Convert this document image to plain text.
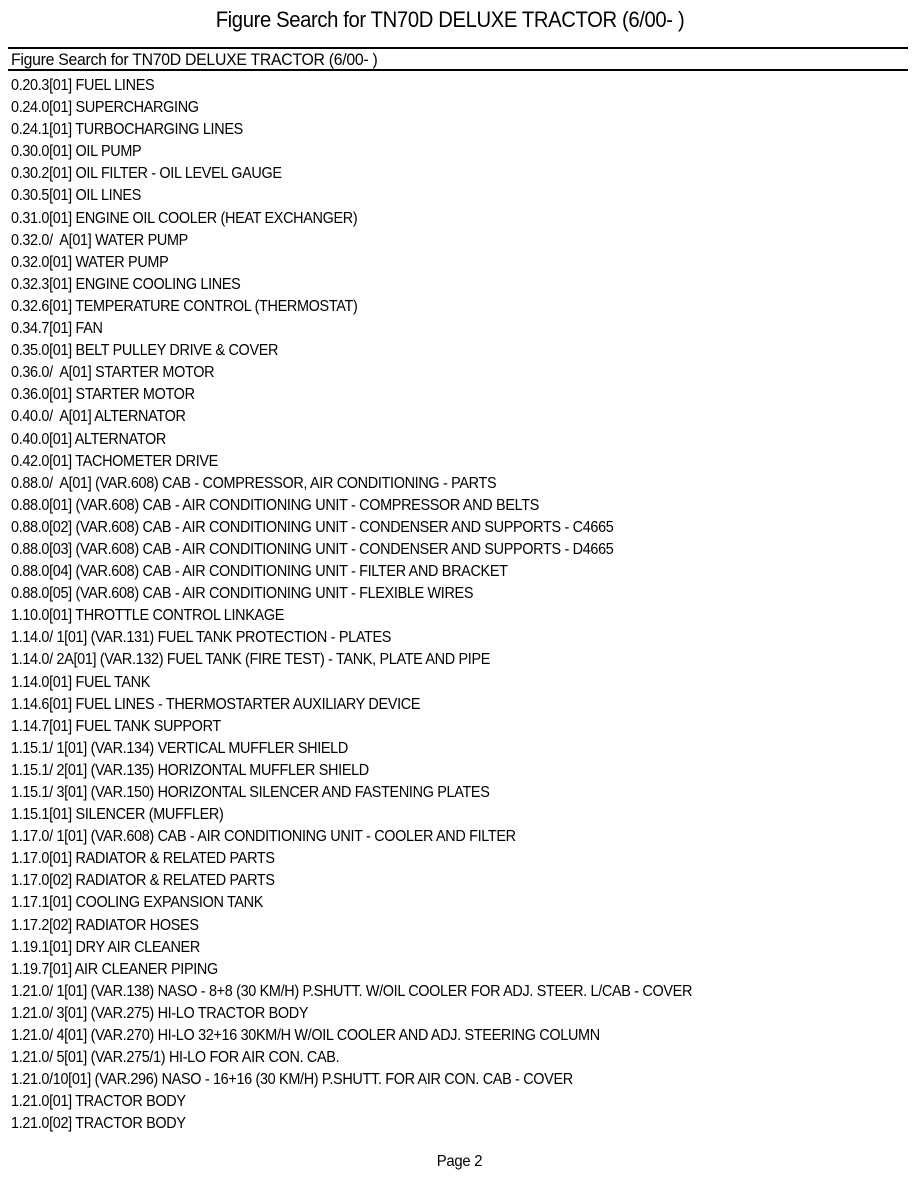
Figure Search for TN70D DELUXE TRACTOR (6/00- )
Figure Search for TN70D DELUXE TRACTOR (6/00- )
0.20.3[01] FUEL LINES
0.24.0[01] SUPERCHARGING
0.24.1[01] TURBOCHARGING LINES
0.30.0[01] OIL PUMP
0.30.2[01] OIL FILTER - OIL LEVEL GAUGE
0.30.5[01] OIL LINES
0.31.0[01] ENGINE OIL COOLER (HEAT EXCHANGER)
0.32.0/  A[01] WATER PUMP
0.32.0[01] WATER PUMP
0.32.3[01] ENGINE COOLING LINES
0.32.6[01] TEMPERATURE CONTROL (THERMOSTAT)
0.34.7[01] FAN
0.35.0[01] BELT PULLEY DRIVE & COVER
0.36.0/  A[01] STARTER MOTOR
0.36.0[01] STARTER MOTOR
0.40.0/  A[01] ALTERNATOR
0.40.0[01] ALTERNATOR
0.42.0[01] TACHOMETER DRIVE
0.88.0/  A[01] (VAR.608) CAB - COMPRESSOR, AIR CONDITIONING - PARTS
0.88.0[01] (VAR.608) CAB - AIR CONDITIONING UNIT - COMPRESSOR AND BELTS
0.88.0[02] (VAR.608) CAB - AIR CONDITIONING UNIT - CONDENSER AND SUPPORTS - C4665
0.88.0[03] (VAR.608) CAB - AIR CONDITIONING UNIT - CONDENSER AND SUPPORTS - D4665
0.88.0[04] (VAR.608) CAB - AIR CONDITIONING UNIT - FILTER AND BRACKET
0.88.0[05] (VAR.608) CAB - AIR CONDITIONING UNIT - FLEXIBLE WIRES
1.10.0[01] THROTTLE CONTROL LINKAGE
1.14.0/ 1[01] (VAR.131) FUEL TANK PROTECTION - PLATES
1.14.0/ 2A[01] (VAR.132) FUEL TANK (FIRE TEST) - TANK, PLATE AND PIPE
1.14.0[01] FUEL TANK
1.14.6[01] FUEL LINES - THERMOSTARTER AUXILIARY DEVICE
1.14.7[01] FUEL TANK SUPPORT
1.15.1/ 1[01] (VAR.134) VERTICAL MUFFLER SHIELD
1.15.1/ 2[01] (VAR.135) HORIZONTAL MUFFLER SHIELD
1.15.1/ 3[01] (VAR.150) HORIZONTAL SILENCER AND FASTENING PLATES
1.15.1[01] SILENCER (MUFFLER)
1.17.0/ 1[01] (VAR.608) CAB - AIR CONDITIONING UNIT - COOLER AND FILTER
1.17.0[01] RADIATOR & RELATED PARTS
1.17.0[02] RADIATOR & RELATED PARTS
1.17.1[01] COOLING EXPANSION TANK
1.17.2[02] RADIATOR HOSES
1.19.1[01] DRY AIR CLEANER
1.19.7[01] AIR CLEANER PIPING
1.21.0/ 1[01] (VAR.138) NASO - 8+8 (30 KM/H) P.SHUTT. W/OIL COOLER FOR ADJ. STEER. L/CAB - COVER
1.21.0/ 3[01] (VAR.275) HI-LO TRACTOR BODY
1.21.0/ 4[01] (VAR.270) HI-LO 32+16 30KM/H W/OIL COOLER AND ADJ. STEERING COLUMN
1.21.0/ 5[01] (VAR.275/1) HI-LO FOR AIR CON. CAB.
1.21.0/10[01] (VAR.296) NASO - 16+16 (30 KM/H) P.SHUTT. FOR AIR CON. CAB - COVER
1.21.0[01] TRACTOR BODY
1.21.0[02] TRACTOR BODY
Page 2
